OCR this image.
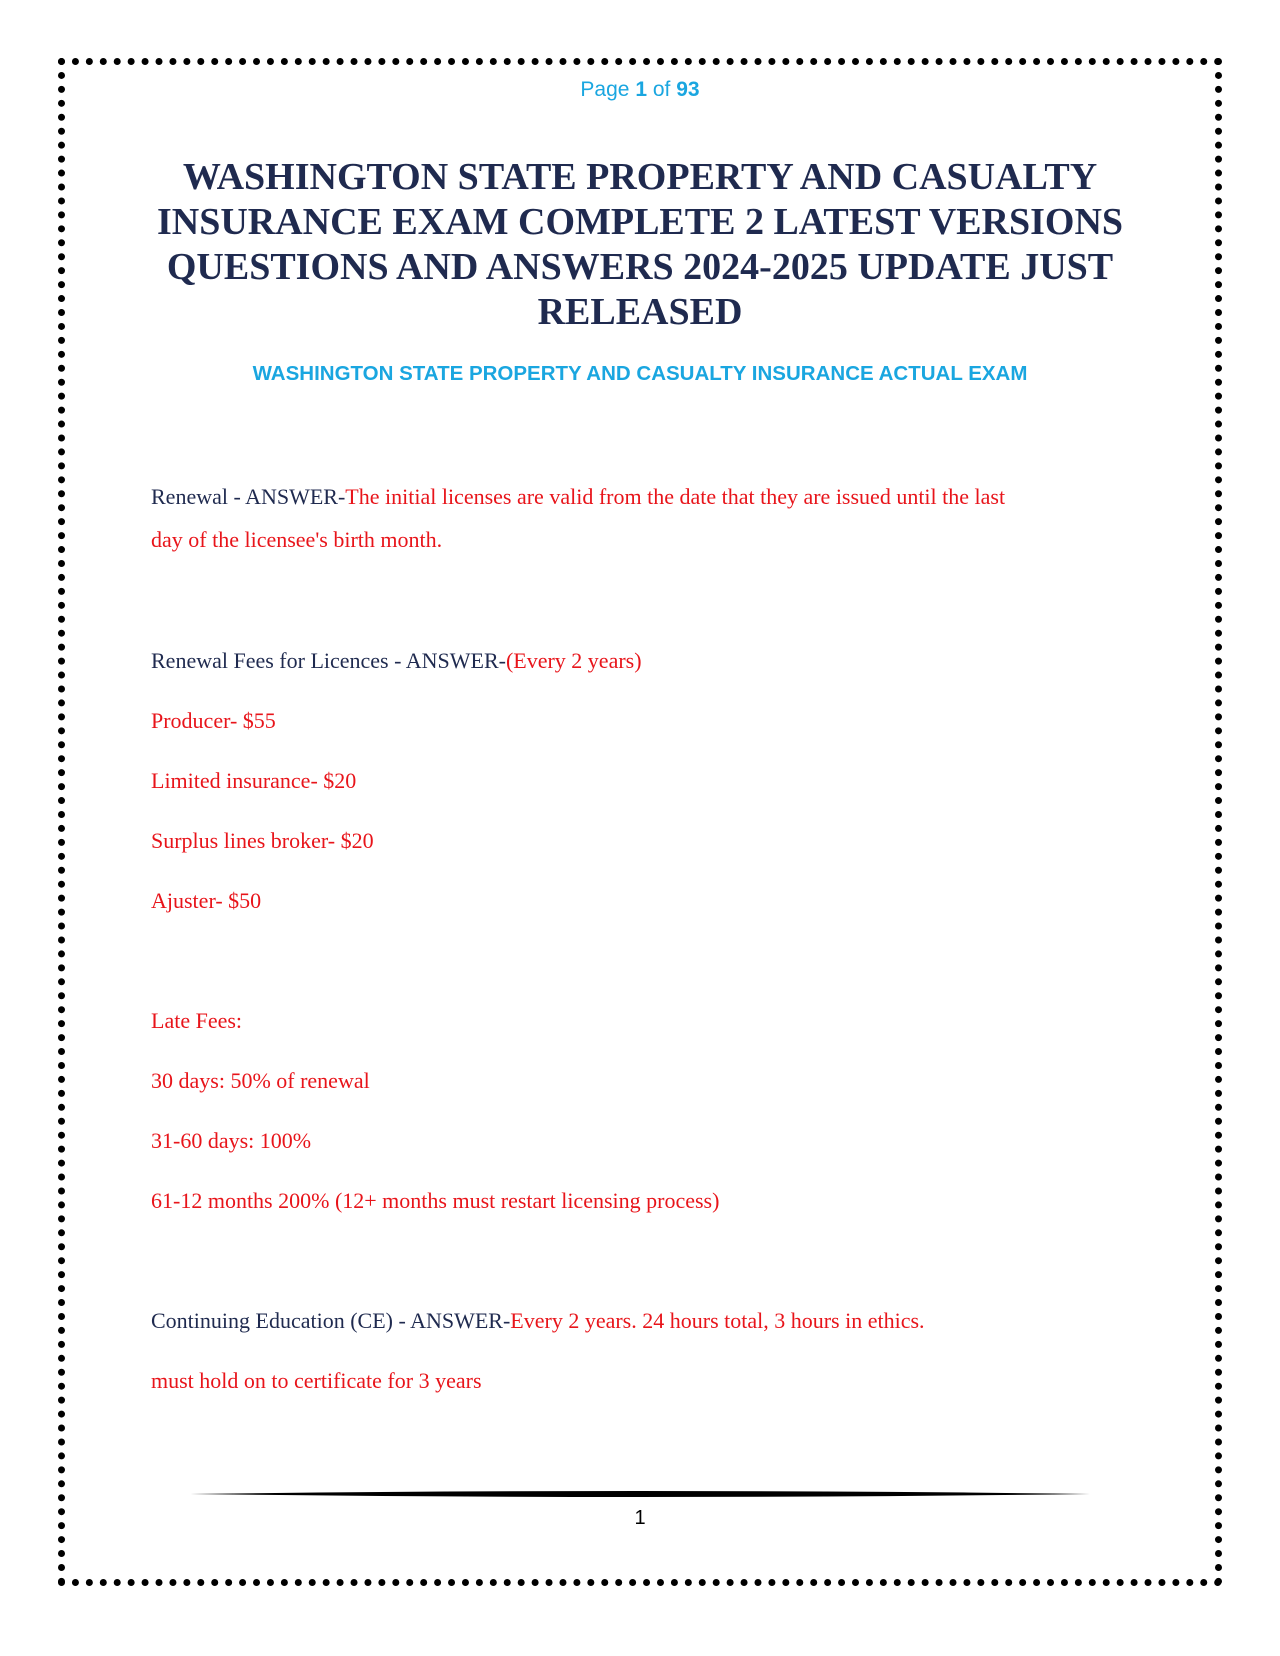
Page 1 of 93
WASHINGTON STATE PROPERTY AND CASUALTY INSURANCE EXAM COMPLETE 2 LATEST VERSIONS QUESTIONS AND ANSWERS 2024-2025 UPDATE JUST RELEASED
WASHINGTON STATE PROPERTY AND CASUALTY INSURANCE ACTUAL EXAM
Renewal - ANSWER-The initial licenses are valid from the date that they are issued until the last
day of the licensee's birth month.
Renewal Fees for Licences - ANSWER-(Every 2 years)
Producer- $55
Limited insurance- $20
Surplus lines broker- $20
Ajuster- $50
Late Fees:
30 days: 50% of renewal
31-60 days: 100%
61-12 months 200% (12+ months must restart licensing process)
Continuing Education (CE) - ANSWER-Every 2 years. 24 hours total, 3 hours in ethics.
must hold on to certificate for 3 years
1
